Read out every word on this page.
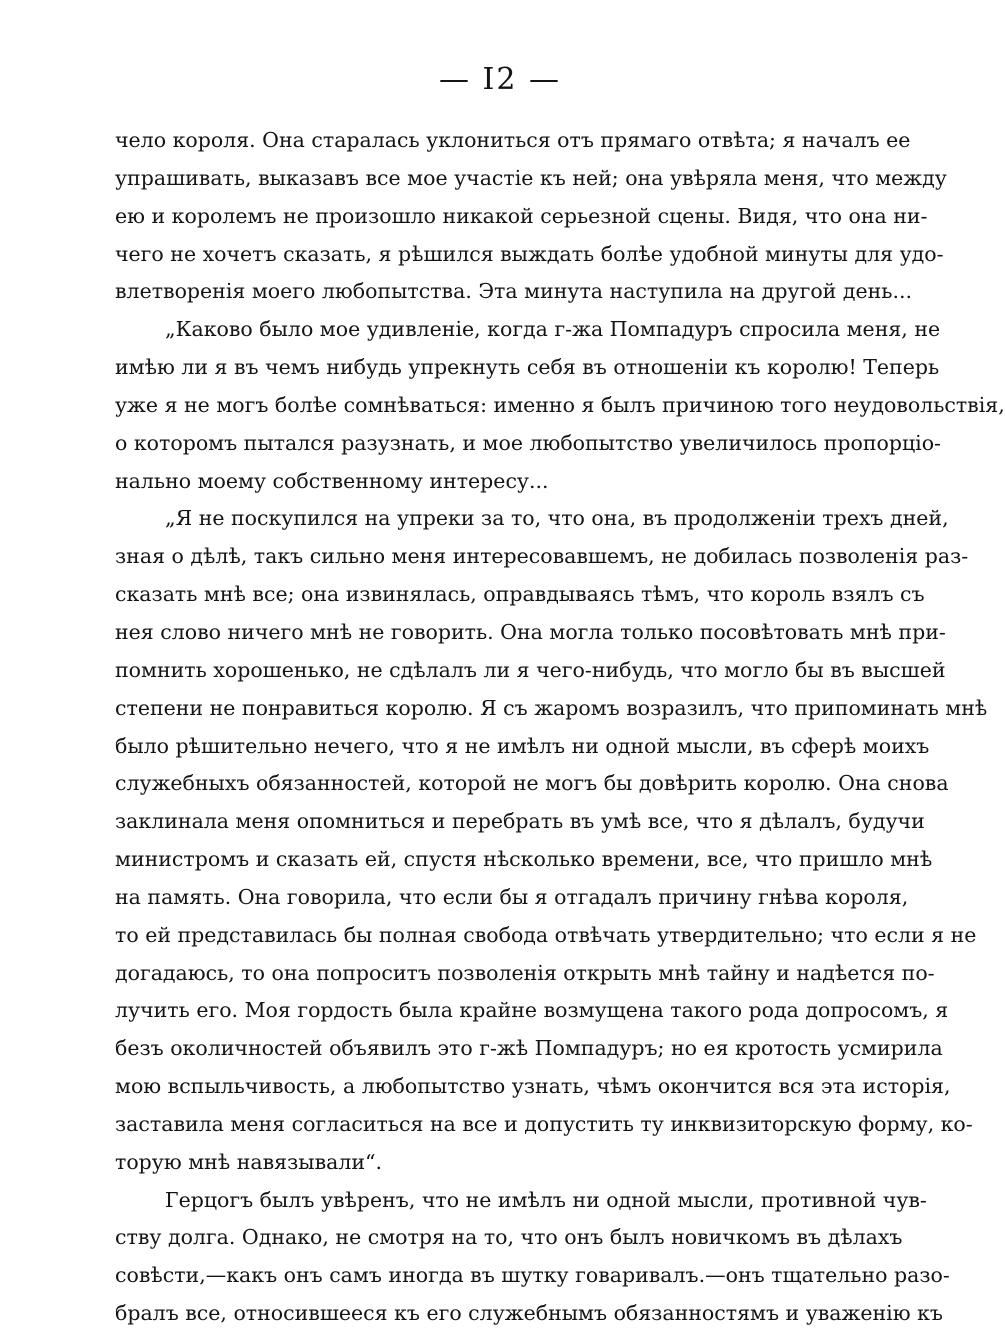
— I2 —
чело короля. Она старалась уклониться отъ прямаго отвѣта; я началъ ее
упрашивать, выказавъ все мое участіе къ ней; она увѣряла меня, что между
ею и королемъ не произошло никакой серьезной сцены. Видя, что она ни-
чего не хочетъ сказать, я рѣшился выждать болѣе удобной минуты для удо-
влетворенія моего любопытства. Эта минута наступила на другой день...
„Каково было мое удивленіе, когда г-жа Помпадуръ спросила меня, не
имѣю ли я въ чемъ нибудь упрекнуть себя въ отношеніи къ королю! Теперь
уже я не могъ болѣе сомнѣваться: именно я былъ причиною того неудовольствія,
о которомъ пытался разузнать, и мое любопытство увеличилось пропорціо-
нально моему собственному интересу...
„Я не поскупился на упреки за то, что она, въ продолженіи трехъ дней,
зная о дѣлѣ, такъ сильно меня интересовавшемъ, не добилась позволенія раз-
сказать мнѣ все; она извинялась, оправдываясь тѣмъ, что король взялъ съ
нея слово ничего мнѣ не говорить. Она могла только посовѣтовать мнѣ при-
помнить хорошенько, не сдѣлалъ ли я чего-нибудь, что могло бы въ высшей
степени не понравиться королю. Я съ жаромъ возразилъ, что припоминать мнѣ
было рѣшительно нечего, что я не имѣлъ ни одной мысли, въ сферѣ моихъ
служебныхъ обязанностей, которой не могъ бы довѣрить королю. Она снова
заклинала меня опомниться и перебрать въ умѣ все, что я дѣлалъ, будучи
министромъ и сказать ей, спустя нѣсколько времени, все, что пришло мнѣ
на память. Она говорила, что если бы я отгадалъ причину гнѣва короля,
то ей представилась бы полная свобода отвѣчать утвердительно; что если я не
догадаюсь, то она попроситъ позволенія открыть мнѣ тайну и надѣется по-
лучить его. Моя гордость была крайне возмущена такого рода допросомъ, я
безъ околичностей объявилъ это г-жѣ Помпадуръ; но ея кротость усмирила
мою вспыльчивость, а любопытство узнать, чѣмъ окончится вся эта исторія,
заставила меня согласиться на все и допустить ту инквизиторскую форму, ко-
торую мнѣ навязывали“.
Герцогъ былъ увѣренъ, что не имѣлъ ни одной мысли, противной чув-
ству долга. Однако, не смотря на то, что онъ былъ новичкомъ въ дѣлахъ
совѣсти,—какъ онъ самъ иногда въ шутку говаривалъ.—онъ тщательно разо-
бралъ все, относившееся къ его служебнымъ обязанностямъ и уваженію къ
